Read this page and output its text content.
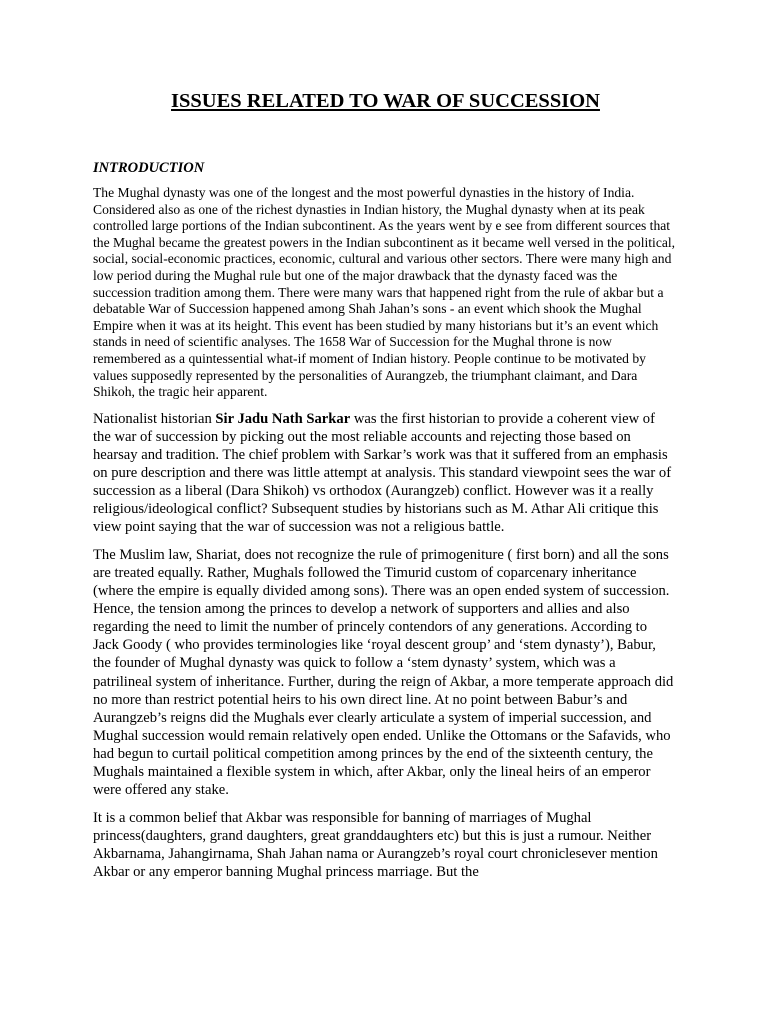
ISSUES RELATED TO WAR OF SUCCESSION
INTRODUCTION

The Mughal dynasty was one of the longest and the most powerful dynasties in the history of India. Considered also as one of the richest dynasties in Indian history, the Mughal dynasty when at its peak controlled large portions of the Indian subcontinent. As the years went by e see from different sources that the Mughal became the greatest powers in the Indian subcontinent as it became well versed in the political, social, social-economic practices, economic, cultural and various other sectors. There were many high and low period during the Mughal rule but one of the major drawback that the dynasty faced was the succession tradition among them. There were many wars that happened right from the rule of akbar but a debatable War of Succession happened among Shah Jahan’s sons - an event which shook the Mughal Empire when it was at its height. This event has been studied by many historians but it’s an event which stands in need of scientific analyses. The 1658 War of Succession for the Mughal throne is now remembered as a quintessential what-if moment of Indian history. People continue to be motivated by values supposedly represented by the personalities of Aurangzeb, the triumphant claimant, and Dara Shikoh, the tragic heir apparent.

Nationalist historian Sir Jadu Nath Sarkar was the first historian to provide a coherent view of the war of succession by picking out the most reliable accounts and rejecting those based on hearsay and tradition. The chief problem with Sarkar’s work was that it suffered from an emphasis on pure description and there was little attempt at analysis. This standard viewpoint sees the war of succession as a liberal (Dara Shikoh) vs orthodox (Aurangzeb) conflict. However was it a really religious/ideological conflict? Subsequent studies by historians such as M. Athar Ali critique this view point saying that the war of succession was not a religious battle.

The Muslim law, Shariat, does not recognize the rule of primogeniture ( first born) and all the sons are treated equally. Rather, Mughals followed the Timurid custom of coparcenary inheritance (where the empire is equally divided among sons). There was an open ended system of succession. Hence, the tension among the princes to develop a network of supporters and allies and also regarding the need to limit the number of princely contendors of any generations. According to Jack Goody ( who provides terminologies like ‘royal descent group’ and ‘stem dynasty’), Babur, the founder of Mughal dynasty was quick to follow a ‘stem dynasty’ system, which was a patrilineal system of inheritance. Further, during the reign of Akbar, a more temperate approach did no more than restrict potential heirs to his own direct line. At no point between Babur’s and Aurangzeb’s reigns did the Mughals ever clearly articulate a system of imperial succession, and Mughal succession would remain relatively open ended. Unlike the Ottomans or the Safavids, who had begun to curtail political competition among princes by the end of the sixteenth century, the Mughals maintained a flexible system in which, after Akbar, only the lineal heirs of an emperor were offered any stake.

It is a common belief that Akbar was responsible for banning of marriages of Mughal princess(daughters, grand daughters, great granddaughters etc) but this is just a rumour. Neither Akbarnama, Jahangirnama, Shah Jahan nama or Aurangzeb’s royal court chroniclesever mention Akbar or any emperor banning Mughal princess marriage. But the
